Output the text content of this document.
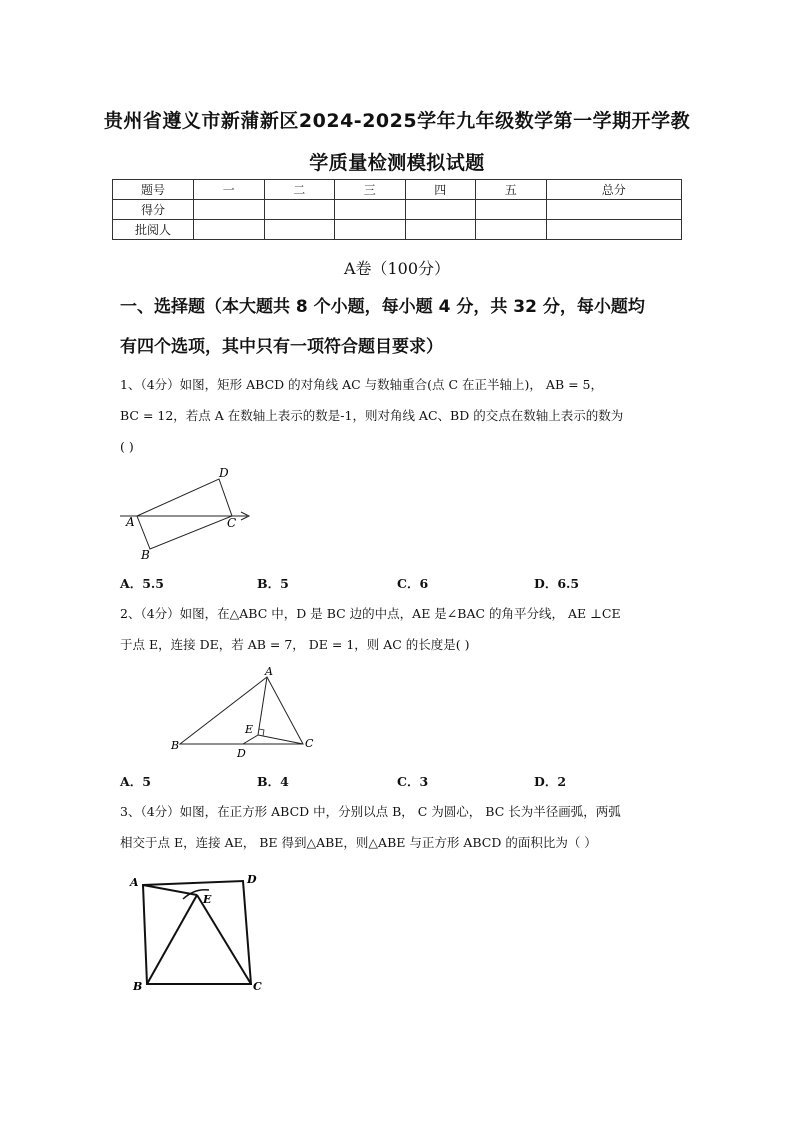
贵州省遵义市新蒲新区2024-2025学年九年级数学第一学期开学教
学质量检测模拟试题
题号	一	二	三	四	五	总分
得分						
批阅人						
A卷（100分）
一、选择题（本大题共 8 个小题，每小题 4 分，共 32 分，每小题均
有四个选项，其中只有一项符合题目要求）
1、（4分）如图，矩形 ABCD 的对角线 AC 与数轴重合(点 C 在正半轴上)， AB = 5，
BC = 12，若点 A 在数轴上表示的数是-1，则对角线 AC、BD 的交点在数轴上表示的数为
( )
D
A	C
B
A．5.5	B．5	C．6	D．6.5
2、（4分）如图，在△ABC 中，D 是 BC 边的中点，AE 是∠BAC 的角平分线， AE ⊥CE
于点 E，连接 DE，若 AB = 7， DE = 1，则 AC 的长度是( )
A
E
B
D
C
A．5	B．4	C．3	D．2
3、（4分）如图，在正方形 ABCD 中，分别以点 B， C 为圆心， BC 长为半径画弧，两弧
相交于点 E，连接 AE， BE 得到△ABE，则△ABE 与正方形 ABCD 的面积比为（ ）
A	D
E
B	C
